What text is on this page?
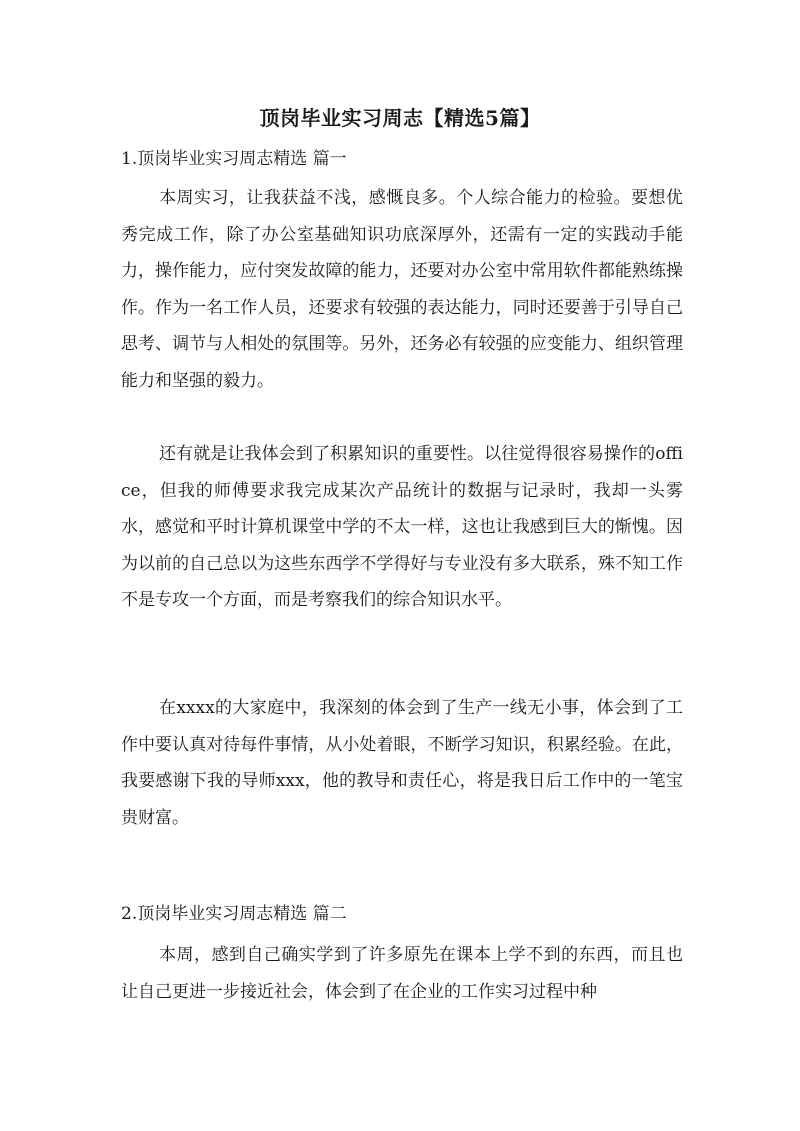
顶岗毕业实习周志【精选5篇】
1.顶岗毕业实习周志精选 篇一
本周实习，让我获益不浅，感慨良多。个人综合能力的检验。要想优秀完成工作，除了办公室基础知识功底深厚外，还需有一定的实践动手能力，操作能力，应付突发故障的能力，还要对办公室中常用软件都能熟练操作。作为一名工作人员，还要求有较强的表达能力，同时还要善于引导自己思考、调节与人相处的氛围等。另外，还务必有较强的应变能力、组织管理能力和坚强的毅力。
还有就是让我体会到了积累知识的重要性。以往觉得很容易操作的office，但我的师傅要求我完成某次产品统计的数据与记录时，我却一头雾水，感觉和平时计算机课堂中学的不太一样，这也让我感到巨大的惭愧。因为以前的自己总以为这些东西学不学得好与专业没有多大联系，殊不知工作不是专攻一个方面，而是考察我们的综合知识水平。
在xxxx的大家庭中，我深刻的体会到了生产一线无小事，体会到了工作中要认真对待每件事情，从小处着眼，不断学习知识，积累经验。在此，我要感谢下我的导师xxx，他的教导和责任心，将是我日后工作中的一笔宝贵财富。
2.顶岗毕业实习周志精选 篇二
本周，感到自己确实学到了许多原先在课本上学不到的东西，而且也让自己更进一步接近社会，体会到了在企业的工作实习过程中种
